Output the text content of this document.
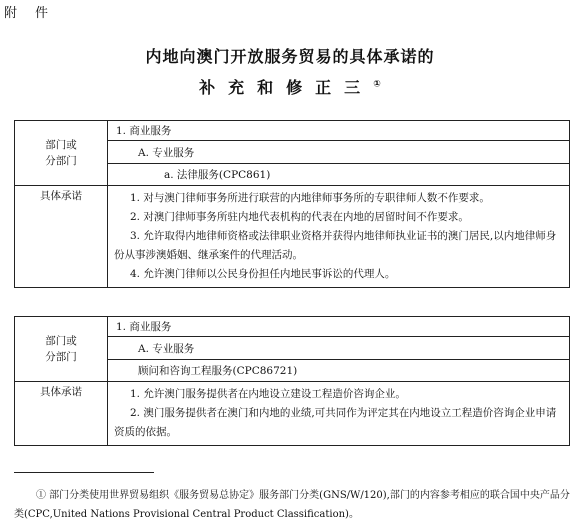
附件
内地向澳门开放服务贸易的具体承诺的
补充和修正三①
部门或
分部门	1. 商业服务
	A. 专业服务
	a. 法律服务(CPC861)
具体承诺	1. 对与澳门律师事务所进行联营的内地律师事务所的专职律师人数不作要求。
2. 对澳门律师事务所驻内地代表机构的代表在内地的居留时间不作要求。
3. 允许取得内地律师资格或法律职业资格并获得内地律师执业证书的澳门居民,以内地律师身份从事涉澳婚姻、继承案件的代理活动。
4. 允许澳门律师以公民身份担任内地民事诉讼的代理人。
部门或
分部门	1. 商业服务
	A. 专业服务
	顾问和咨询工程服务(CPC86721)
具体承诺	1. 允许澳门服务提供者在内地设立建设工程造价咨询企业。
2. 澳门服务提供者在澳门和内地的业绩,可共同作为评定其在内地设立工程造价咨询企业申请资质的依据。
① 部门分类使用世界贸易组织《服务贸易总协定》服务部门分类(GNS/W/120),部门的内容参考相应的联合国中央产品分类(CPC,United Nations Provisional Central Product Classification)。
